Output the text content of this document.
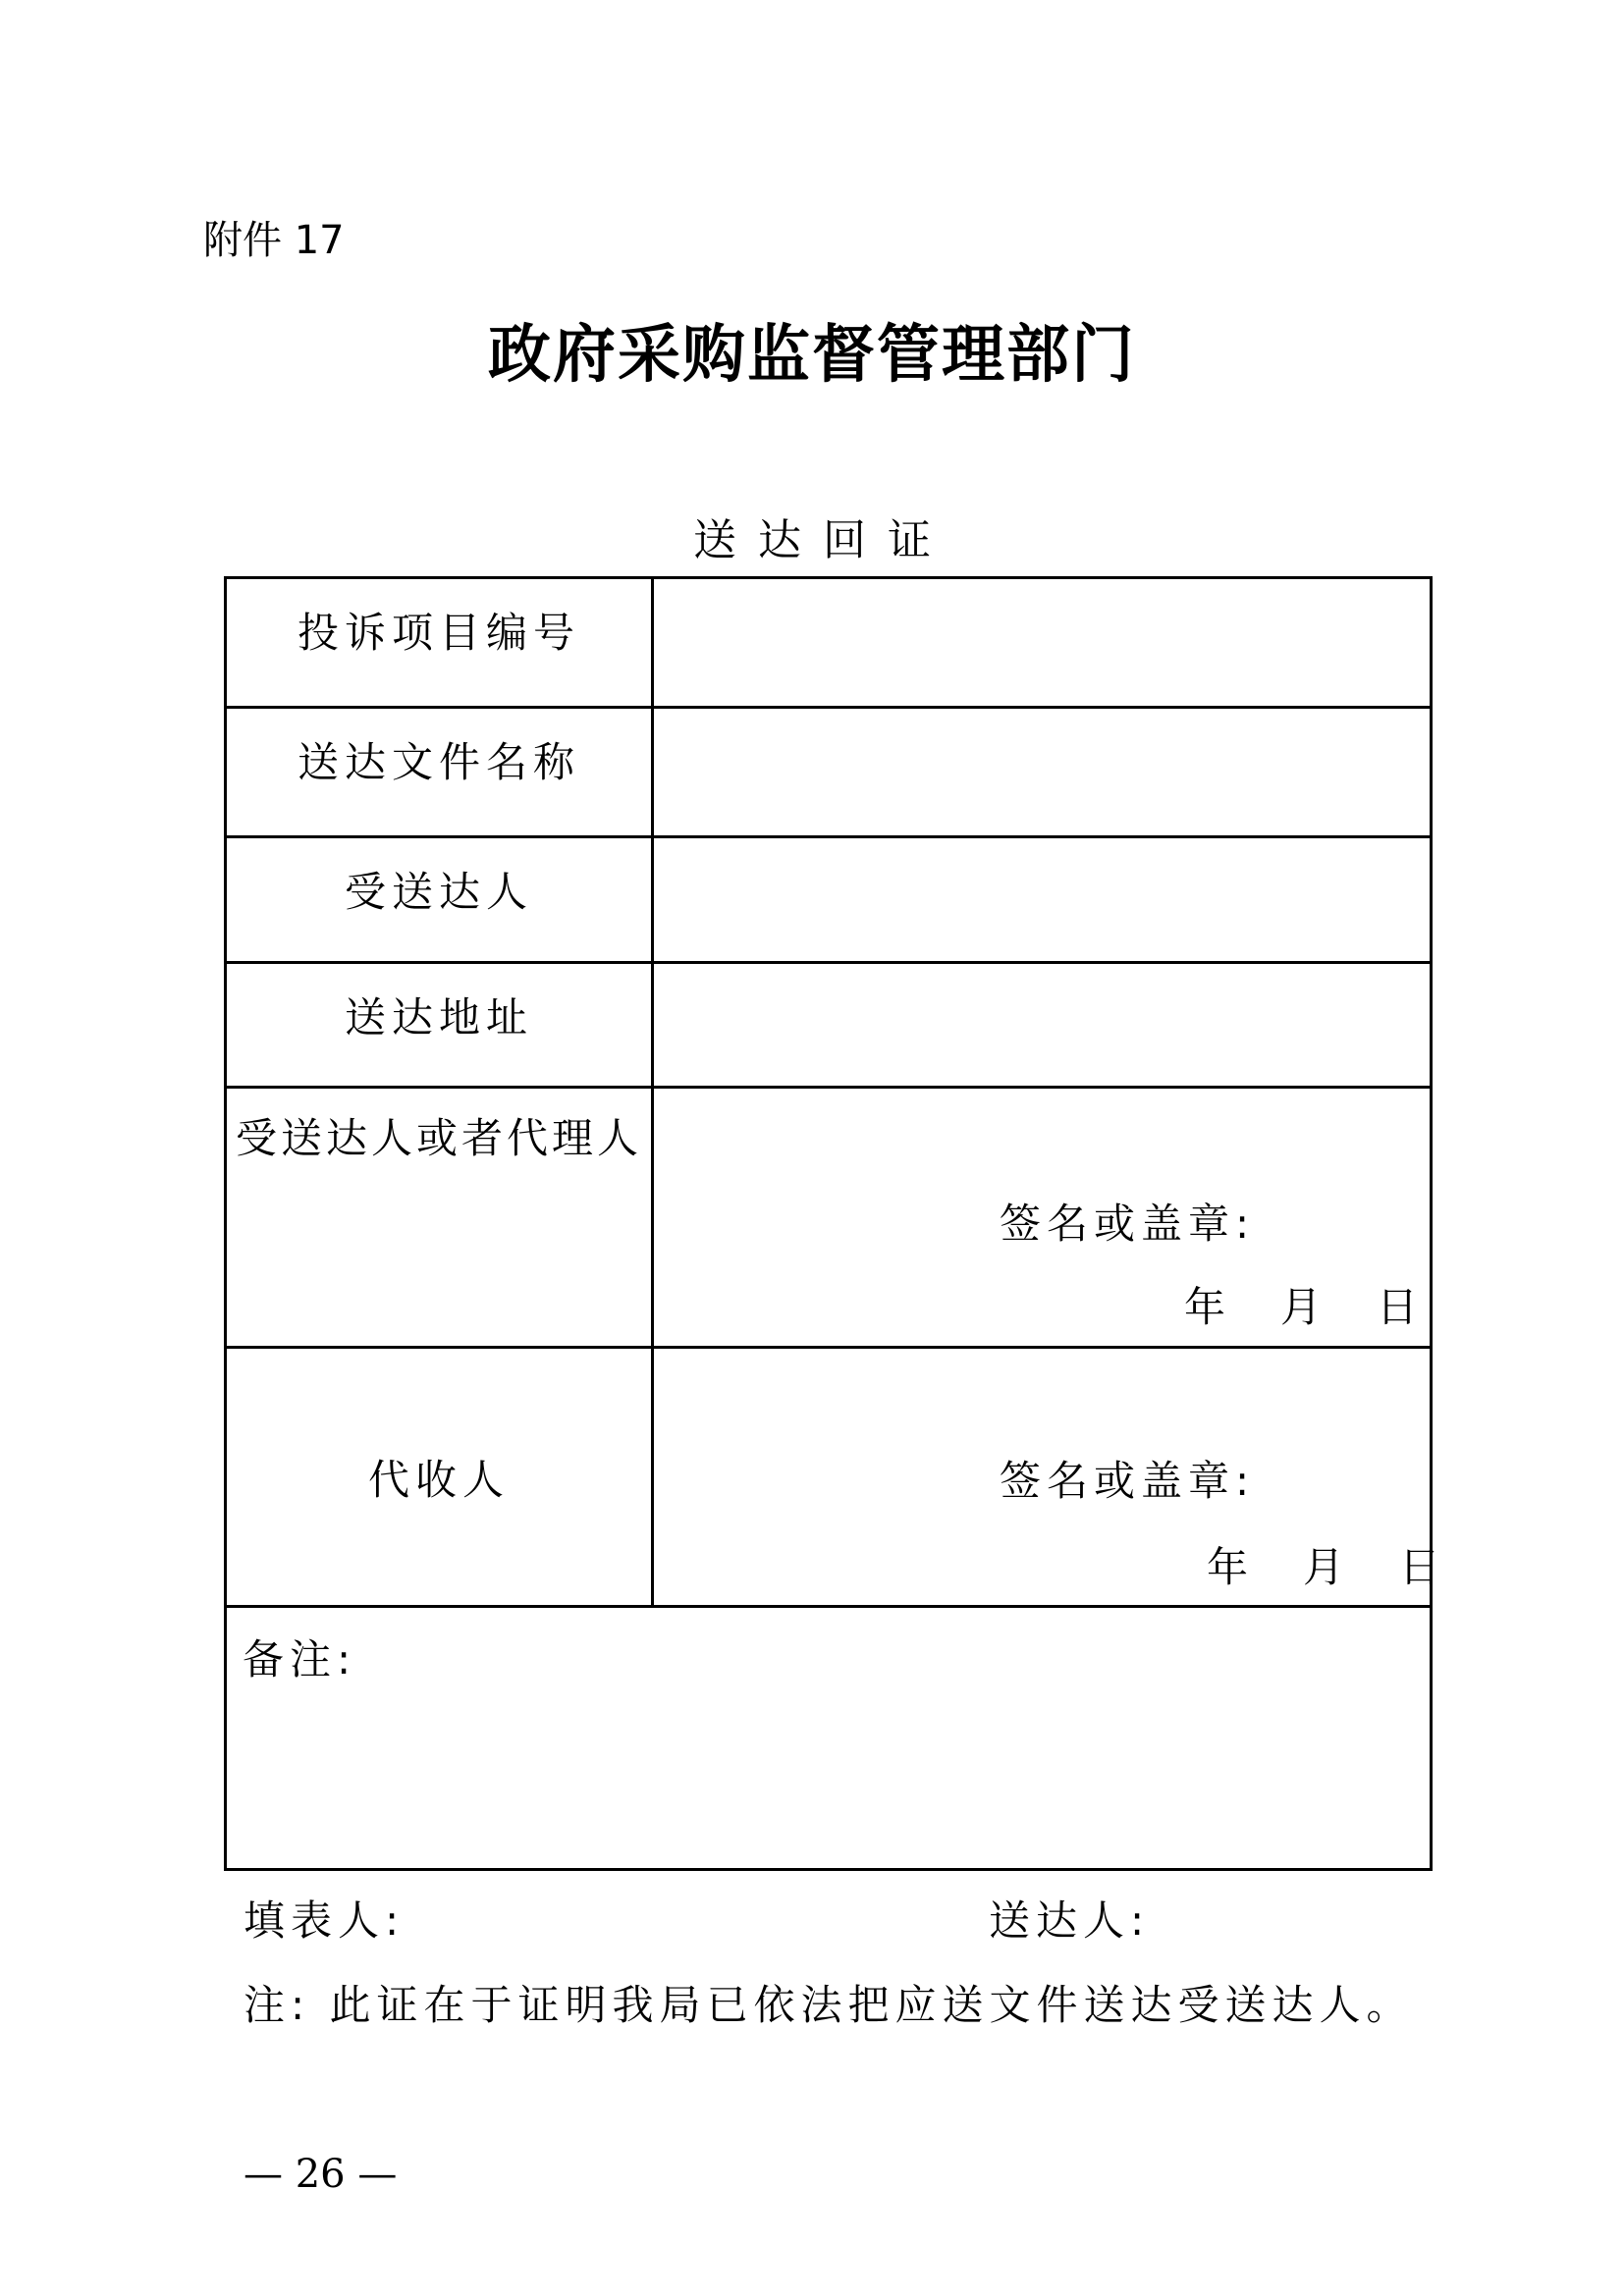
附件 17
政府采购监督管理部门
送达回证
投诉项目编号	

送达文件名称	

受送达人	

送达地址	

受送达人或者代理人	签名或盖章:
年 月 日

代收人	签名或盖章:
年 月 日

备注:	
填表人:	送达人:
注: 此证在于证明我局已依法把应送文件送达受送达人。
— 26 —
